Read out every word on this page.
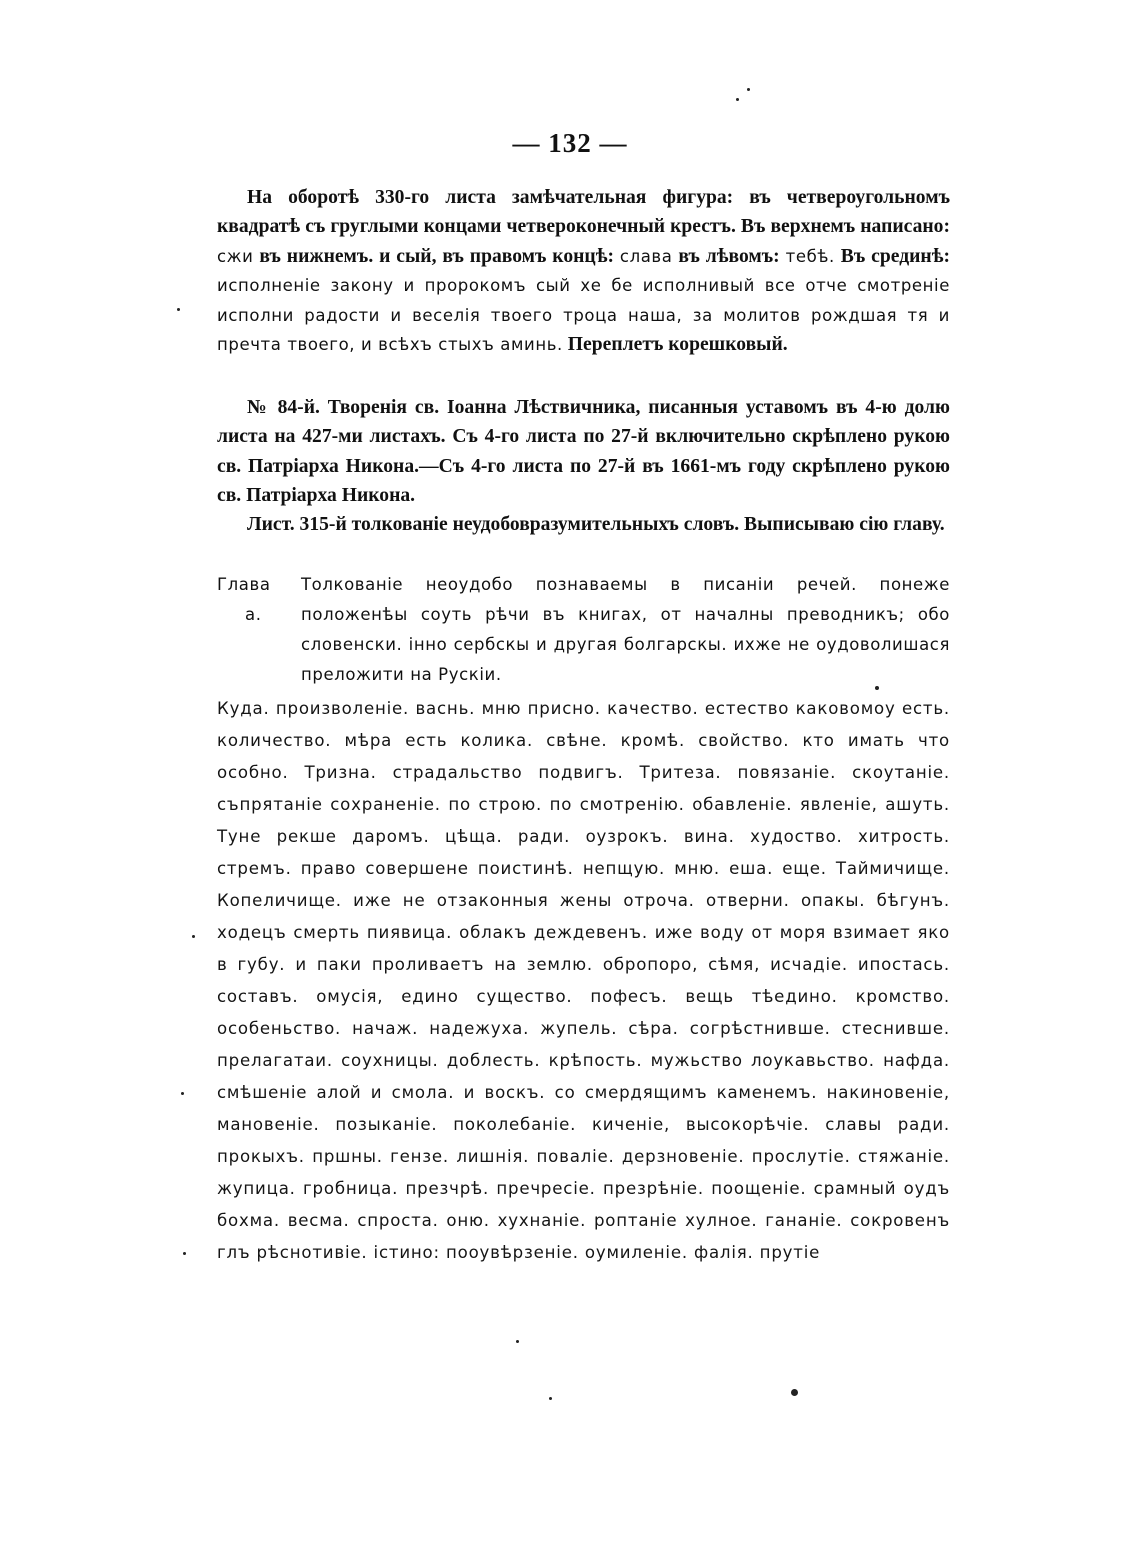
— 132 —

На оборотѣ 330-го листа замѣчательная фигура: въ четвероугольномъ квадратѣ съ груглыми концами четвероконечный крестъ. Въ верхнемъ написано: сжи въ нижнемъ. и сый, въ правомъ концѣ: слава въ лѣвомъ: тебѣ. Въ срединѣ: исполненіе закону и пророкомъ сый хе бе исполнивый все отче смотреніе исполни радости и веселія твоего троца наша, за молитов рождшая тя и пречта твоего, и всѣхъ стыхъ аминь. Переплетъ корешковый.

№ 84-й. Творенія св. Іоанна Лѣствичника, писанныя уставомъ въ 4-ю долю листа на 427-ми листахъ. Съ 4-го листа по 27-й включительно скрѣплено рукою св. Патріарха Никона.—Съ 4-го листа по 27-й въ 1661-мъ году скрѣплено рукою св. Патріарха Никона.

Лист. 315-й толкованіе неудобовразумительныхъ словъ. Выписываю сію главу.

Глава
а.
Толкованіе неоудобо познаваемы в писаніи речей. понеже положенѣы соуть рѣчи въ книгах, от началны преводникъ; обо словенски. інно сербскы и другая болгарскы. ихже не оудоволишася преложити на Рускіи.
Куда. произволеніе. васнь. мню присно. качество. естество каковомоу есть. количество. мѣра есть колика. свѣне. кромѣ. свойство. кто имать что особно. Тризна. страдальство подвигъ. Тритеза. повязаніе. скоутаніе. съпрятаніе сохраненіе. по строю. по смотренію. обавленіе. явленіе, ашуть. Туне рекше даромъ. цѣща. ради. оузрокъ. вина. худоство. хитрость. стремъ. право совершене поистинѣ. непщую. мню. еша. еще. Таймичище. Копеличище. иже не отзаконныя жены отроча. отверни. опакы. бѣгунъ. ходецъ смерть пиявица. облакъ деждевенъ. иже воду от моря взимает яко в губу. и паки проливаетъ на землю. обропоро, сѣмя, исчадіе. ипостась. составъ. омусія, едино существо. пофесъ. вещь тѣедино. кромство. особеньство. начаж. надежуха. жупель. сѣра. согрѣстнивше. стеснивше. прелагатаи. соухницы. доблесть. крѣпость. мужьство лоукавьство. нафда. смѣшеніе алой и смола. и воскъ. со смердящимъ каменемъ. накиновеніе, мановеніе. позыканіе. поколебаніе. киченіе, высокорѣчіе. славы ради. прокыхъ. пршны. гензе. лишнія. поваліе. дерзновеніе. прослутіе. стяжаніе. жупица. гробница. презчрѣ. пречресіе. презрѣніе. поощеніе. срамный оудъ бохма. весма. спроста. оню. хухнаніе. роптаніе хулное. гананіе. сокровенъ глъ рѣснотивіе. істино: пооувѣрзеніе. оумиленіе. фалія. прутіе
